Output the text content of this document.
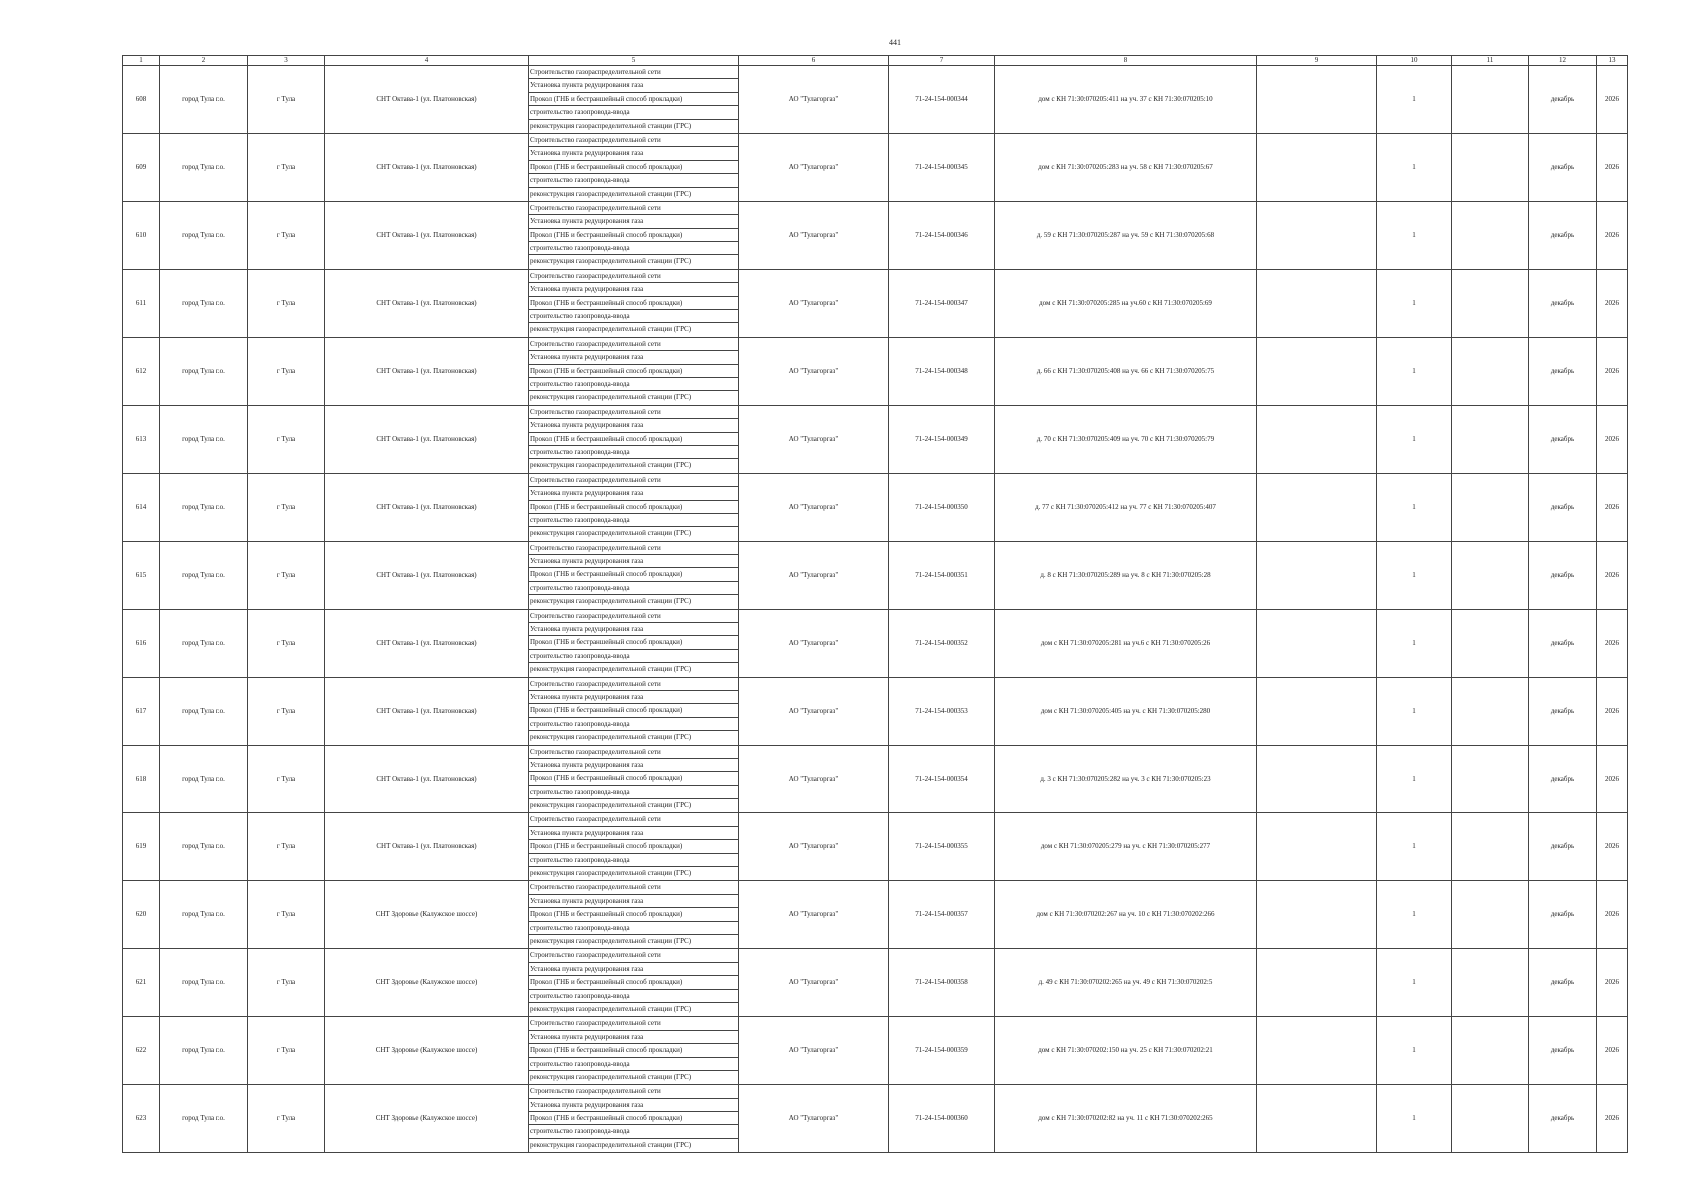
441
1	2	3	4	5	6	7	8	9	10	11	12	13
608	город Тула г.о.	г Тула	СНТ Октава-1 (ул. Платоновская)	Строительство газораспределительной сети
Установка пункта редуцирования газа
Прокол (ГНБ и бестраншейный способ прокладки)
строительство газопровода-ввода
реконструкция газораспределительной станции (ГРС)	АО "Тулагоргаз"	71-24-154-000344	дом с КН 71:30:070205:411 на уч. 37 с КН 71:30:070205:10		1		декабрь	2026
609	город Тула г.о.	г Тула	СНТ Октава-1 (ул. Платоновская)	Строительство газораспределительной сети
Установка пункта редуцирования газа
Прокол (ГНБ и бестраншейный способ прокладки)
строительство газопровода-ввода
реконструкция газораспределительной станции (ГРС)	АО "Тулагоргаз"	71-24-154-000345	дом с КН 71:30:070205:283 на уч. 58 с КН 71:30:070205:67		1		декабрь	2026
610	город Тула г.о.	г Тула	СНТ Октава-1 (ул. Платоновская)	Строительство газораспределительной сети
Установка пункта редуцирования газа
Прокол (ГНБ и бестраншейный способ прокладки)
строительство газопровода-ввода
реконструкция газораспределительной станции (ГРС)	АО "Тулагоргаз"	71-24-154-000346	д. 59 с КН 71:30:070205:287 на уч. 59 с КН 71:30:070205:68		1		декабрь	2026
611	город Тула г.о.	г Тула	СНТ Октава-1 (ул. Платоновская)	Строительство газораспределительной сети
Установка пункта редуцирования газа
Прокол (ГНБ и бестраншейный способ прокладки)
строительство газопровода-ввода
реконструкция газораспределительной станции (ГРС)	АО "Тулагоргаз"	71-24-154-000347	дом с КН 71:30:070205:285 на уч.60 с КН 71:30:070205:69		1		декабрь	2026
612	город Тула г.о.	г Тула	СНТ Октава-1 (ул. Платоновская)	Строительство газораспределительной сети
Установка пункта редуцирования газа
Прокол (ГНБ и бестраншейный способ прокладки)
строительство газопровода-ввода
реконструкция газораспределительной станции (ГРС)	АО "Тулагоргаз"	71-24-154-000348	д. 66 с КН 71:30:070205:408 на уч. 66 с КН 71:30:070205:75		1		декабрь	2026
613	город Тула г.о.	г Тула	СНТ Октава-1 (ул. Платоновская)	Строительство газораспределительной сети
Установка пункта редуцирования газа
Прокол (ГНБ и бестраншейный способ прокладки)
строительство газопровода-ввода
реконструкция газораспределительной станции (ГРС)	АО "Тулагоргаз"	71-24-154-000349	д. 70 с КН 71:30:070205:409 на уч. 70 с КН 71:30:070205:79		1		декабрь	2026
614	город Тула г.о.	г Тула	СНТ Октава-1 (ул. Платоновская)	Строительство газораспределительной сети
Установка пункта редуцирования газа
Прокол (ГНБ и бестраншейный способ прокладки)
строительство газопровода-ввода
реконструкция газораспределительной станции (ГРС)	АО "Тулагоргаз"	71-24-154-000350	д. 77 с КН 71:30:070205:412 на уч. 77 с КН 71:30:070205:407		1		декабрь	2026
615	город Тула г.о.	г Тула	СНТ Октава-1 (ул. Платоновская)	Строительство газораспределительной сети
Установка пункта редуцирования газа
Прокол (ГНБ и бестраншейный способ прокладки)
строительство газопровода-ввода
реконструкция газораспределительной станции (ГРС)	АО "Тулагоргаз"	71-24-154-000351	д. 8 с КН 71:30:070205:289 на уч. 8 с КН 71:30:070205:28		1		декабрь	2026
616	город Тула г.о.	г Тула	СНТ Октава-1 (ул. Платоновская)	Строительство газораспределительной сети
Установка пункта редуцирования газа
Прокол (ГНБ и бестраншейный способ прокладки)
строительство газопровода-ввода
реконструкция газораспределительной станции (ГРС)	АО "Тулагоргаз"	71-24-154-000352	дом с КН 71:30:070205:281 на уч.6 с КН 71:30:070205:26		1		декабрь	2026
617	город Тула г.о.	г Тула	СНТ Октава-1 (ул. Платоновская)	Строительство газораспределительной сети
Установка пункта редуцирования газа
Прокол (ГНБ и бестраншейный способ прокладки)
строительство газопровода-ввода
реконструкция газораспределительной станции (ГРС)	АО "Тулагоргаз"	71-24-154-000353	дом с КН 71:30:070205:405 на уч. с КН 71:30:070205:280		1		декабрь	2026
618	город Тула г.о.	г Тула	СНТ Октава-1 (ул. Платоновская)	Строительство газораспределительной сети
Установка пункта редуцирования газа
Прокол (ГНБ и бестраншейный способ прокладки)
строительство газопровода-ввода
реконструкция газораспределительной станции (ГРС)	АО "Тулагоргаз"	71-24-154-000354	д. 3 с КН 71:30:070205:282 на уч. 3 с КН 71:30:070205:23		1		декабрь	2026
619	город Тула г.о.	г Тула	СНТ Октава-1 (ул. Платоновская)	Строительство газораспределительной сети
Установка пункта редуцирования газа
Прокол (ГНБ и бестраншейный способ прокладки)
строительство газопровода-ввода
реконструкция газораспределительной станции (ГРС)	АО "Тулагоргаз"	71-24-154-000355	дом с КН 71:30:070205:279 на уч. с КН 71:30:070205:277		1		декабрь	2026
620	город Тула г.о.	г Тула	СНТ Здоровье (Калужское шоссе)	Строительство газораспределительной сети
Установка пункта редуцирования газа
Прокол (ГНБ и бестраншейный способ прокладки)
строительство газопровода-ввода
реконструкция газораспределительной станции (ГРС)	АО "Тулагоргаз"	71-24-154-000357	дом с КН 71:30:070202:267 на уч. 10 с КН 71:30:070202:266		1		декабрь	2026
621	город Тула г.о.	г Тула	СНТ Здоровье (Калужское шоссе)	Строительство газораспределительной сети
Установка пункта редуцирования газа
Прокол (ГНБ и бестраншейный способ прокладки)
строительство газопровода-ввода
реконструкция газораспределительной станции (ГРС)	АО "Тулагоргаз"	71-24-154-000358	д. 49 с КН 71:30:070202:265 на уч. 49 с КН 71:30:070202:5		1		декабрь	2026
622	город Тула г.о.	г Тула	СНТ Здоровье (Калужское шоссе)	Строительство газораспределительной сети
Установка пункта редуцирования газа
Прокол (ГНБ и бестраншейный способ прокладки)
строительство газопровода-ввода
реконструкция газораспределительной станции (ГРС)	АО "Тулагоргаз"	71-24-154-000359	дом с КН 71:30:070202:150 на уч. 25 с КН 71:30:070202:21		1		декабрь	2026
623	город Тула г.о.	г Тула	СНТ Здоровье (Калужское шоссе)	Строительство газораспределительной сети
Установка пункта редуцирования газа
Прокол (ГНБ и бестраншейный способ прокладки)
строительство газопровода-ввода
реконструкция газораспределительной станции (ГРС)	АО "Тулагоргаз"	71-24-154-000360	дом с КН 71:30:070202:82 на уч. 11 с КН 71:30:070202:265		1		декабрь	2026
